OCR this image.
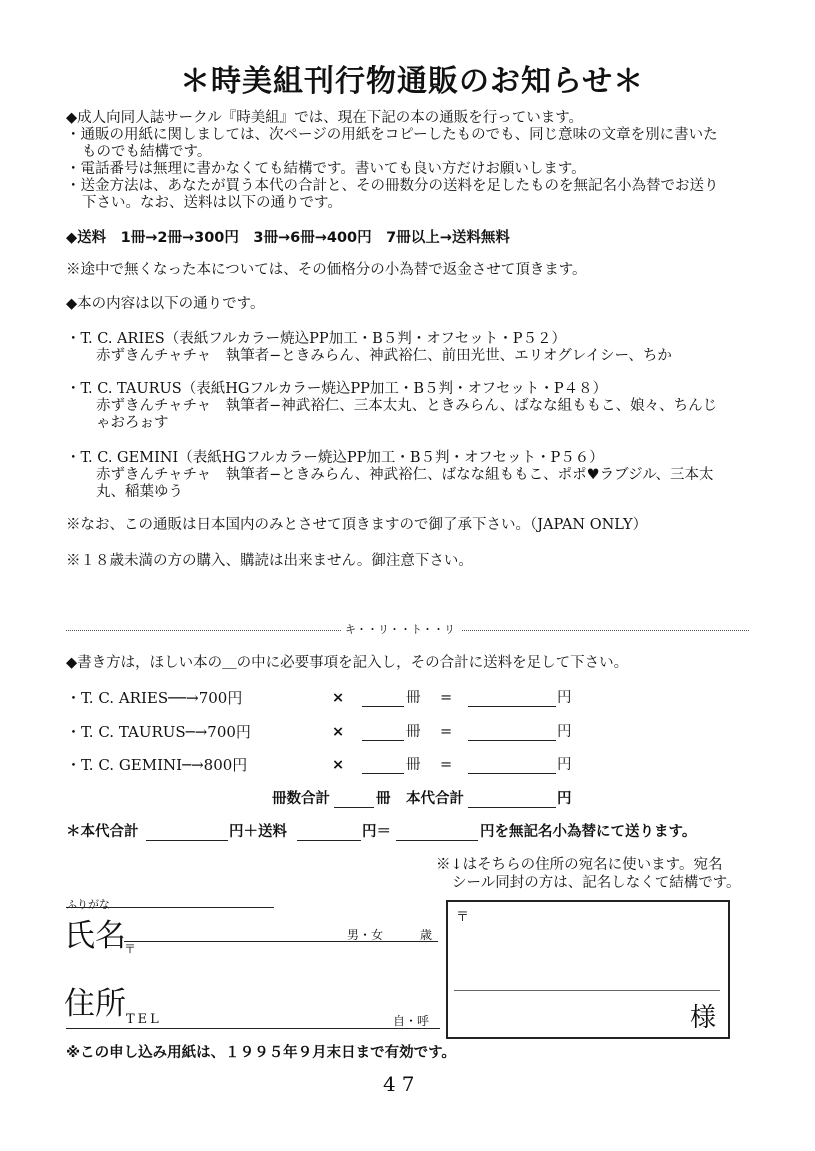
＊時美組刊行物通販のお知らせ＊
◆成人向同人誌サークル『時美組』では、現在下記の本の通販を行っています。
・通販の用紙に関しましては、次ページの用紙をコピーしたものでも、同じ意味の文章を別に書いた
ものでも結構です。
・電話番号は無理に書かなくても結構です。書いても良い方だけお願いします。
・送金方法は、あなたが買う本代の合計と、その冊数分の送料を足したものを無記名小為替でお送り
下さい。なお、送料は以下の通りです。
◆送料　1冊→2冊→300円　3冊→6冊→400円　7冊以上→送料無料
※途中で無くなった本については、その価格分の小為替で返金させて頂きます。
◆本の内容は以下の通りです。
・T. C. ARIES（表紙フルカラー焼込PP加工・B５判・オフセット・P５２）
赤ずきんチャチャ　執筆者−ときみらん、神武裕仁、前田光世、エリオグレイシー、ちか
・T. C. TAURUS（表紙HGフルカラー焼込PP加工・B５判・オフセット・P４８）
赤ずきんチャチャ　執筆者−神武裕仁、三本太丸、ときみらん、ばなな組ももこ、娘々、ちんじ
ゃおろぉす
・T. C. GEMINI（表紙HGフルカラー焼込PP加工・B５判・オフセット・P５６）
赤ずきんチャチャ　執筆者−ときみらん、神武裕仁、ばなな組ももこ、ポポ♥ラブジル、三本太
丸、稲葉ゆう
※なお、この通販は日本国内のみとさせて頂きますので御了承下さい。（JAPAN ONLY）
※１８歳未満の方の購入、購読は出来ません。御注意下さい。
キ・・リ・・ト・・リ
◆書き方は，ほしい本の＿の中に必要事項を記入し，その合計に送料を足して下さい。
・T. C. ARIES──→700円	×	冊 =	円
・T. C. TAURUS─→700円	×	冊 =	円
・T. C. GEMINI─→800円	×	冊 =	円
冊数合計	冊 本代合計	円
＊本代合計	円＋送料	円＝	円を無記名小為替にて送ります。
※↓はそちらの住所の宛名に使います。宛名
シール同封の方は、記名しなくて結構です。
ふりがな
氏名
〒
男・女	歳
住所 TEL	自・呼
〒
様
※この申し込み用紙は、１９９５年９月末日まで有効です。
47
